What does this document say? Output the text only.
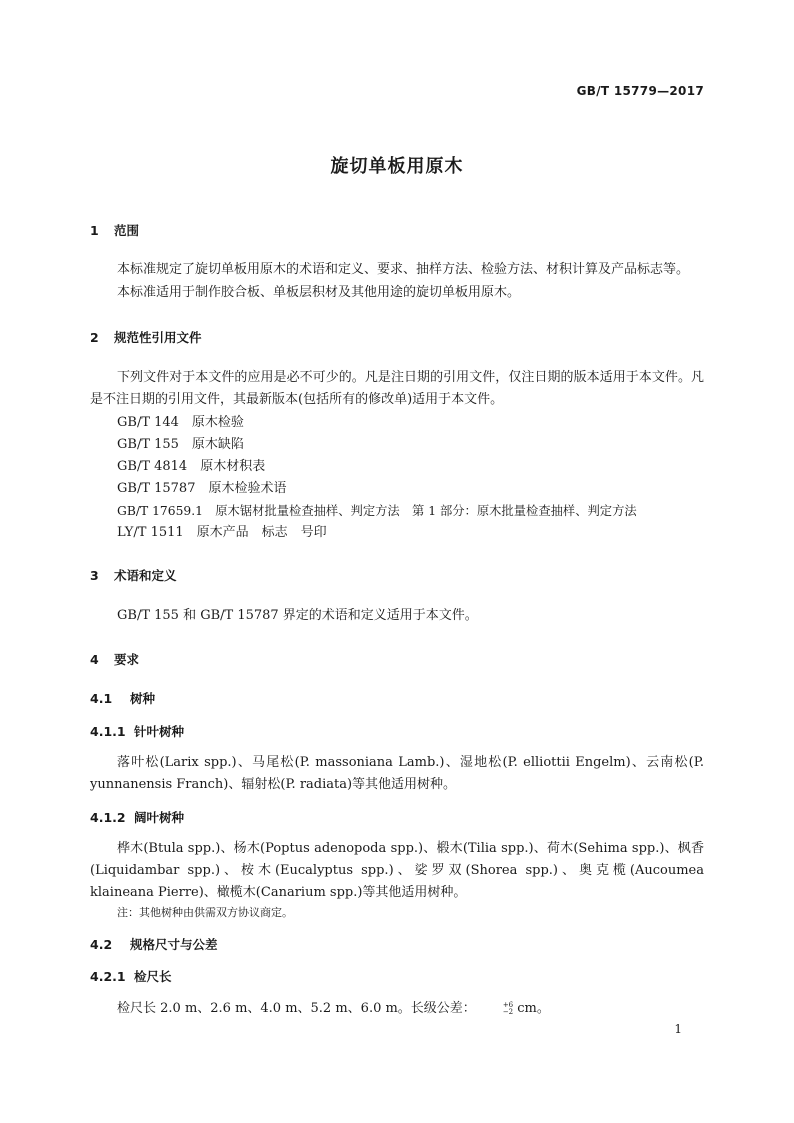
GB/T 15779—2017
旋切单板用原木
1 范围
本标准规定了旋切单板用原木的术语和定义、要求、抽样方法、检验方法、材积计算及产品标志等。
本标准适用于制作胶合板、单板层积材及其他用途的旋切单板用原木。
2 规范性引用文件
下列文件对于本文件的应用是必不可少的。凡是注日期的引用文件，仅注日期的版本适用于本文件。凡是不注日期的引用文件，其最新版本(包括所有的修改单)适用于本文件。
GB/T 144　原木检验
GB/T 155　原木缺陷
GB/T 4814　原木材积表
GB/T 15787　原木检验术语
GB/T 17659.1　原木锯材批量检查抽样、判定方法　第 1 部分：原木批量检查抽样、判定方法
LY/T 1511　原木产品　标志　号印
3 术语和定义
GB/T 155 和 GB/T 15787 界定的术语和定义适用于本文件。
4 要求
4.1 树种
4.1.1 针叶树种
落叶松(Larix spp.)、马尾松(P. massoniana Lamb.)、湿地松(P. elliottii Engelm)、云南松(P. yunnanensis Franch)、辐射松(P. radiata)等其他适用树种。
4.1.2 阔叶树种
桦木(Btula spp.)、杨木(Poptus adenopoda spp.)、椴木(Tilia spp.)、荷木(Sehima spp.)、枫香(Liquidambar spp.)、桉木(Eucalyptus spp.)、娑罗双(Shorea spp.)、奥克榄(Aucoumea klaineana Pierre)、橄榄木(Canarium spp.)等其他适用树种。
注：其他树种由供需双方协议商定。
4.2 规格尺寸与公差
4.2.1 检尺长
检尺长 2.0 m、2.6 m、4.0 m、5.2 m、6.0 m。长级公差：	+6
−2 cm。
1
